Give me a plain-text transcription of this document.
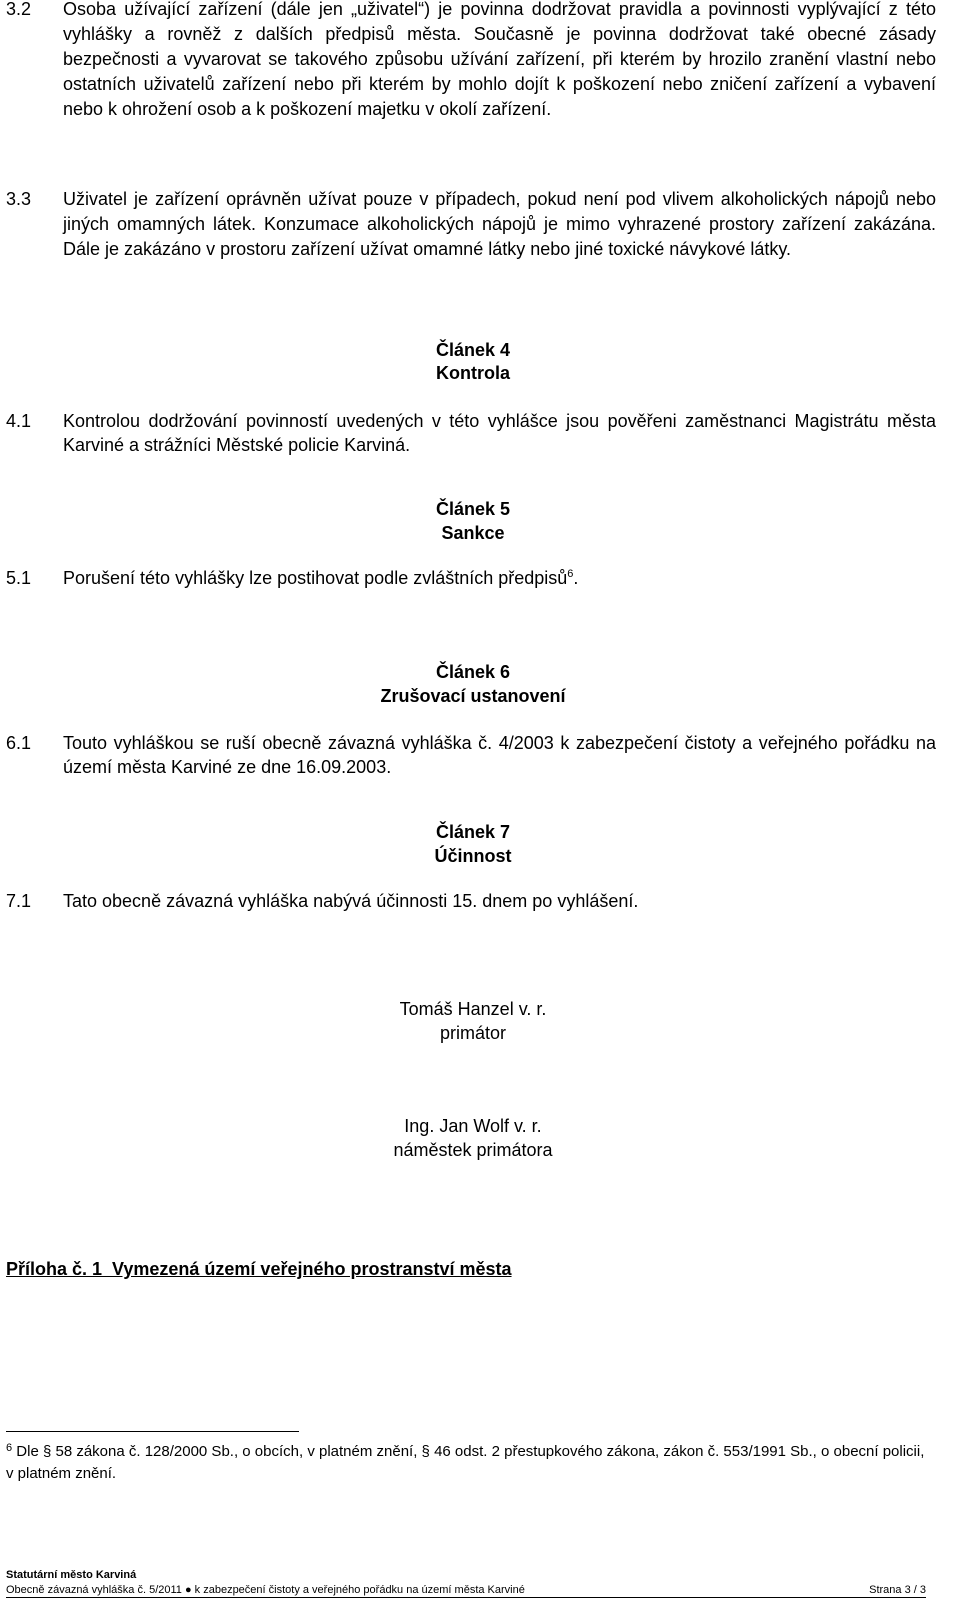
3.2 Osoba užívající zařízení (dále jen „uživatel“) je povinna dodržovat pravidla a povinnosti vyplývající z této vyhlášky a rovněž z dalších předpisů města. Současně je povinna dodržovat také obecné zásady bezpečnosti a vyvarovat se takového způsobu užívání zařízení, při kterém by hrozilo zranění vlastní nebo ostatních uživatelů zařízení nebo při kterém by mohlo dojít k poškození nebo zničení zařízení a vybavení nebo k ohrožení osob a k poškození majetku v okolí zařízení.
3.3 Uživatel je zařízení oprávněn užívat pouze v případech, pokud není pod vlivem alkoholických nápojů nebo jiných omamných látek. Konzumace alkoholických nápojů je mimo vyhrazené prostory zařízení zakázána. Dále je zakázáno v prostoru zařízení užívat omamné látky nebo jiné toxické návykové látky.
Článek 4
Kontrola
4.1 Kontrolou dodržování povinností uvedených v této vyhlášce jsou pověřeni zaměstnanci Magistrátu města Karviné a strážníci Městské policie Karviná.
Článek 5
Sankce
5.1 Porušení této vyhlášky lze postihovat podle zvláštních předpisů$^6$.
Článek 6
Zrušovací ustanovení
6.1 Touto vyhláškou se ruší obecně závazná vyhláška č. 4/2003 k zabezpečení čistoty a veřejného pořádku na území města Karviné ze dne 16.09.2003.
Článek 7
Účinnost
7.1 Tato obecně závazná vyhláška nabývá účinnosti 15. dnem po vyhlášení.
Tomáš Hanzel v. r.
primátor
Ing. Jan Wolf v. r.
náměstek primátora
Příloha č. 1  Vymezená území veřejného prostranství města
$^6$ Dle § 58 zákona č. 128/2000 Sb., o obcích, v platném znění, § 46 odst. 2 přestupkového zákona, zákon č. 553/1991 Sb., o obecní policii, v platném znění.
Statutární město Karviná
Obecně závazná vyhláška č. 5/2011 ● k zabezpečení čistoty a veřejného pořádku na území města Karviné	Strana 3 / 3
